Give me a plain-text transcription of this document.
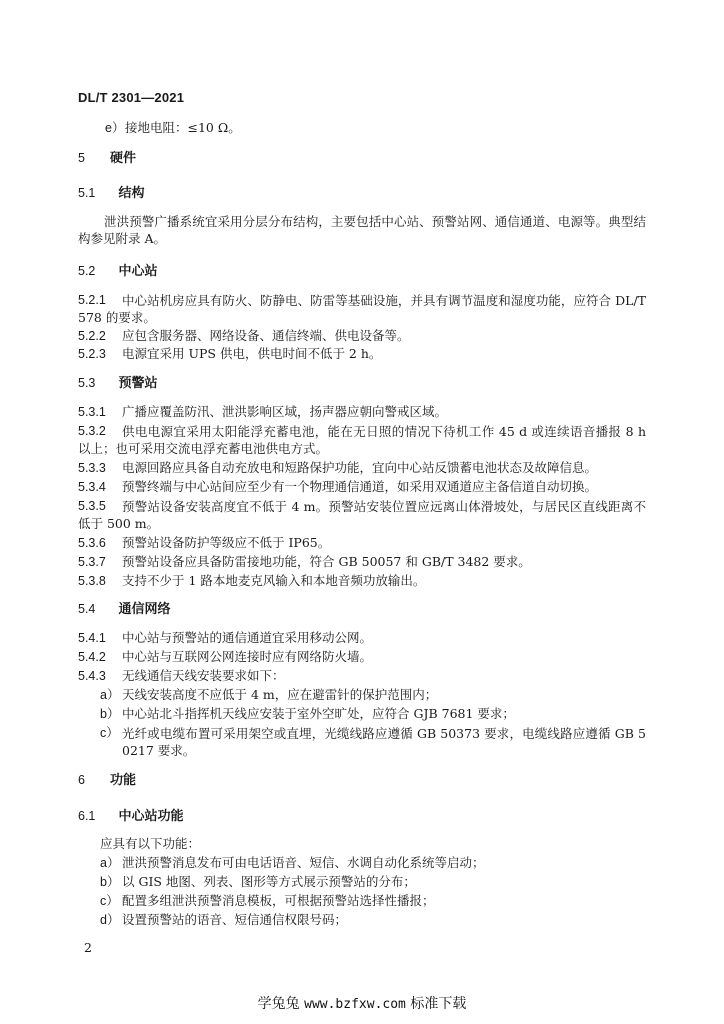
DL/T 2301—2021
e） 接地电阻：≤10 Ω。
5 硬件
5.1 结构
泄洪预警广播系统宜采用分层分布结构，主要包括中心站、预警站网、通信通道、电源等。典型结构参见附录 A。
5.2 中心站
5.2.1	中心站机房应具有防火、防静电、防雷等基础设施，并具有调节温度和湿度功能，应符合 DL/T 578 的要求。
5.2.2 应包含服务器、网络设备、通信终端、供电设备等。
5.2.3 电源宜采用 UPS 供电，供电时间不低于 2 h。
5.3 预警站
5.3.1 广播应覆盖防汛、泄洪影响区域，扬声器应朝向警戒区域。
5.3.2	供电电源宜采用太阳能浮充蓄电池，能在无日照的情况下待机工作 45 d 或连续语音播报 8 h 以上；也可采用交流电浮充蓄电池供电方式。
5.3.3 电源回路应具备自动充放电和短路保护功能，宜向中心站反馈蓄电池状态及故障信息。
5.3.4 预警终端与中心站间应至少有一个物理通信通道，如采用双通道应主备信道自动切换。
5.3.5	预警站设备安装高度宜不低于 4 m。预警站安装位置应远离山体滑坡处，与居民区直线距离不低于 500 m。
5.3.6 预警站设备防护等级应不低于 IP65。
5.3.7 预警站设备应具备防雷接地功能，符合 GB 50057 和 GB/T 3482 要求。
5.3.8 支持不少于 1 路本地麦克风输入和本地音频功放输出。
5.4 通信网络
5.4.1 中心站与预警站的通信通道宜采用移动公网。
5.4.2 中心站与互联网公网连接时应有网络防火墙。
5.4.3 无线通信天线安装要求如下：
a） 天线安装高度不应低于 4 m，应在避雷针的保护范围内；
b） 中心站北斗指挥机天线应安装于室外空旷处，应符合 GJB 7681 要求；
c） 光纤或电缆布置可采用架空或直埋，光缆线路应遵循 GB 50373 要求，电缆线路应遵循 GB 50217 要求。
6 功能
6.1 中心站功能
应具有以下功能：
a） 泄洪预警消息发布可由电话语音、短信、水调自动化系统等启动；
b） 以 GIS 地图、列表、图形等方式展示预警站的分布；
c） 配置多组泄洪预警消息模板，可根据预警站选择性播报；
d） 设置预警站的语音、短信通信权限号码；
2
学兔兔 www.bzfxw.com 标准下载
